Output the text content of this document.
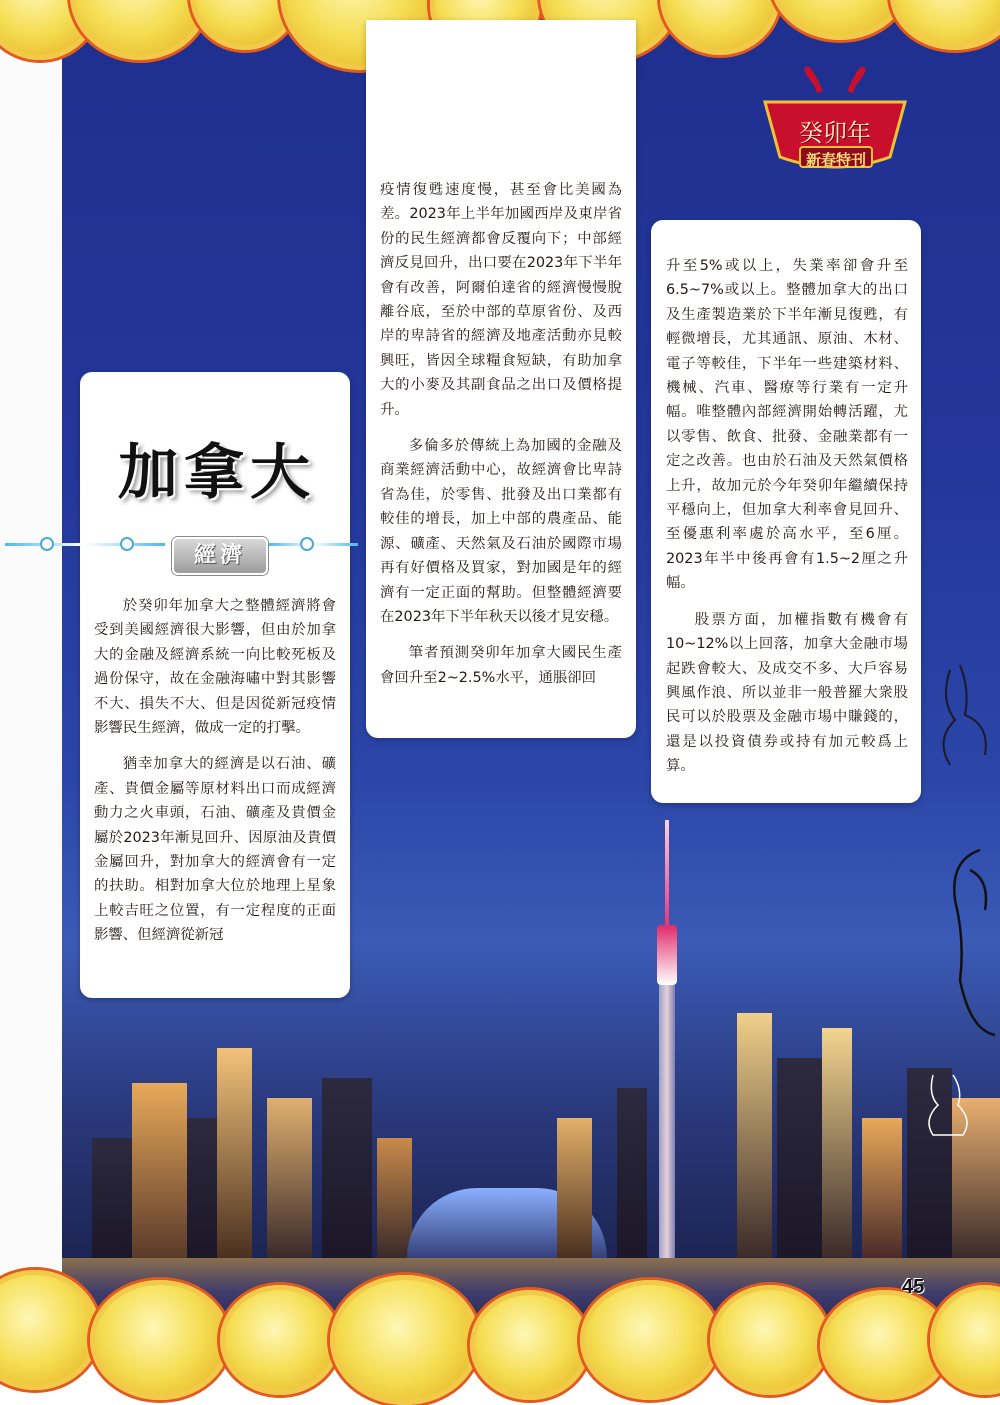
癸卯年
新春特刊
加拿大
經濟

於癸卯年加拿大之整體經濟將會受到美國經濟很大影響，但由於加拿大的金融及經濟系統一向比較死板及過份保守，故在金融海嘯中對其影響不大、損失不大、但是因從新冠疫情影響民生經濟，做成一定的打擊。

猶幸加拿大的經濟是以石油、礦產、貴價金屬等原材料出口而成經濟動力之火車頭，石油、礦產及貴價金屬於2023年漸見回升、因原油及貴價金屬回升，對加拿大的經濟會有一定的扶助。相對加拿大位於地理上星象上較吉旺之位置，有一定程度的正面影響、但經濟從新冠

疫情復甦速度慢，甚至會比美國為差。2023年上半年加國西岸及東岸省份的民生經濟都會反覆向下；中部經濟反見回升，出口要在2023年下半年會有改善，阿爾伯達省的經濟慢慢脫離谷底，至於中部的草原省份、及西岸的卑詩省的經濟及地產活動亦見較興旺，皆因全球糧食短缺，有助加拿大的小麥及其副食品之出口及價格提升。

多倫多於傳統上為加國的金融及商業經濟活動中心，故經濟會比卑詩省為佳，於零售、批發及出口業都有較佳的增長，加上中部的農產品、能源、礦產、天然氣及石油於國際市場再有好價格及買家，對加國是年的經濟有一定正面的幫助。但整體經濟要在2023年下半年秋天以後才見安穩。

筆者預測癸卯年加拿大國民生產會回升至2~2.5%水平，通脹卻回

升至5%或以上，失業率卻會升至6.5~7%或以上。整體加拿大的出口及生產製造業於下半年漸見復甦，有輕微增長，尤其通訊、原油、木材、電子等較佳，下半年一些建築材料、機械、汽車、醫療等行業有一定升幅。唯整體內部經濟開始轉活躍，尤以零售、飲食、批發、金融業都有一定之改善。也由於石油及天然氣價格上升，故加元於今年癸卯年繼續保持平穩向上，但加拿大利率會見回升、至優惠利率處於高水平，至6厘。2023年半中後再會有1.5~2厘之升幅。

股票方面，加權指數有機會有10~12%以上回落，加拿大金融市場起跌會較大、及成交不多、大戶容易興風作浪、所以並非一般普羅大衆股民可以於股票及金融市場中賺錢的，還是以投資債券或持有加元較爲上算。

45
